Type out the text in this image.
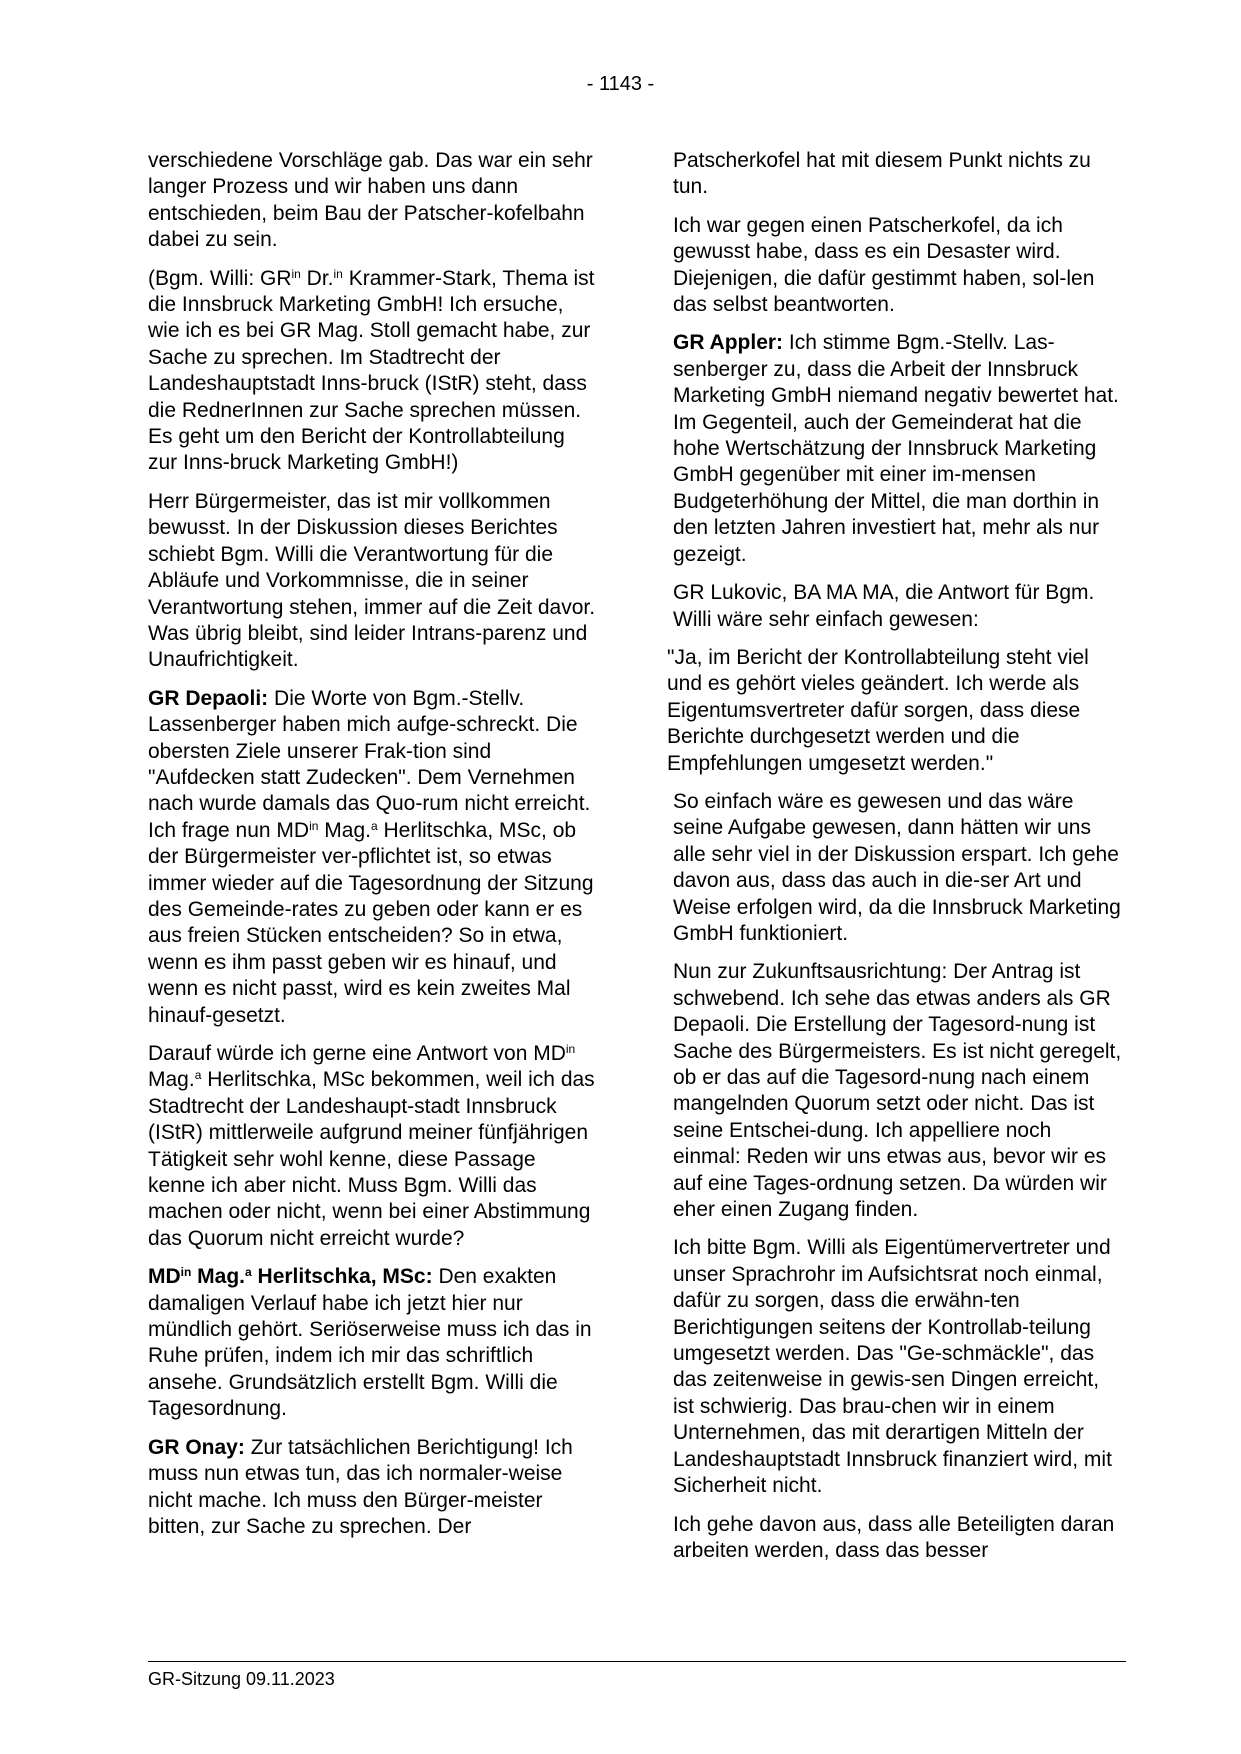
- 1143 -

verschiedene Vorschläge gab. Das war ein sehr langer Prozess und wir haben uns dann entschieden, beim Bau der Patscher-kofelbahn dabei zu sein.

(Bgm. Willi: $GR^{in}$ Dr.$^{in}$ Krammer-Stark, Thema ist die Innsbruck Marketing GmbH! Ich ersuche, wie ich es bei GR Mag. Stoll gemacht habe, zur Sache zu sprechen. Im Stadtrecht der Landeshauptstadt Inns-bruck (IStR) steht, dass die RednerInnen zur Sache sprechen müssen. Es geht um den Bericht der Kontrollabteilung zur Inns-bruck Marketing GmbH!)

Herr Bürgermeister, das ist mir vollkommen bewusst. In der Diskussion dieses Berichtes schiebt Bgm. Willi die Verantwortung für die Abläufe und Vorkommnisse, die in seiner Verantwortung stehen, immer auf die Zeit davor. Was übrig bleibt, sind leider Intrans-parenz und Unaufrichtigkeit.

GR Depaoli: Die Worte von Bgm.-Stellv. Lassenberger haben mich aufge-schreckt. Die obersten Ziele unserer Frak-tion sind "Aufdecken statt Zudecken". Dem Vernehmen nach wurde damals das Quo-rum nicht erreicht. Ich frage nun $MD^{in}$ Mag.$^a$ Herlitschka, MSc, ob der Bürgermeister ver-pflichtet ist, so etwas immer wieder auf die Tagesordnung der Sitzung des Gemeinde-rates zu geben oder kann er es aus freien Stücken entscheiden? So in etwa, wenn es ihm passt geben wir es hinauf, und wenn es nicht passt, wird es kein zweites Mal hinauf-gesetzt.

Darauf würde ich gerne eine Antwort von $MD^{in}$ Mag.$^a$ Herlitschka, MSc bekommen, weil ich das Stadtrecht der Landeshaupt-stadt Innsbruck (IStR) mittlerweile aufgrund meiner fünfjährigen Tätigkeit sehr wohl kenne, diese Passage kenne ich aber nicht. Muss Bgm. Willi das machen oder nicht, wenn bei einer Abstimmung das Quorum nicht erreicht wurde?

$MD^{in}$ Mag.$^a$ Herlitschka, MSc: Den exakten damaligen Verlauf habe ich jetzt hier nur mündlich gehört. Seriöserweise muss ich das in Ruhe prüfen, indem ich mir das schriftlich ansehe. Grundsätzlich erstellt Bgm. Willi die Tagesordnung.

GR Onay: Zur tatsächlichen Berichtigung! Ich muss nun etwas tun, das ich normaler-weise nicht mache. Ich muss den Bürger-meister bitten, zur Sache zu sprechen. Der

Patscherkofel hat mit diesem Punkt nichts zu tun.

Ich war gegen einen Patscherkofel, da ich gewusst habe, dass es ein Desaster wird. Diejenigen, die dafür gestimmt haben, sol-len das selbst beantworten.

GR Appler: Ich stimme Bgm.-Stellv. Las-senberger zu, dass die Arbeit der Innsbruck Marketing GmbH niemand negativ bewertet hat. Im Gegenteil, auch der Gemeinderat hat die hohe Wertschätzung der Innsbruck Marketing GmbH gegenüber mit einer im-mensen Budgeterhöhung der Mittel, die man dorthin in den letzten Jahren investiert hat, mehr als nur gezeigt.

GR Lukovic, BA MA MA, die Antwort für Bgm. Willi wäre sehr einfach gewesen:

"Ja, im Bericht der Kontrollabteilung steht viel und es gehört vieles geändert. Ich werde als Eigentumsvertreter dafür sorgen, dass diese Berichte durchgesetzt werden und die Empfehlungen umgesetzt werden."

So einfach wäre es gewesen und das wäre seine Aufgabe gewesen, dann hätten wir uns alle sehr viel in der Diskussion erspart. Ich gehe davon aus, dass das auch in die-ser Art und Weise erfolgen wird, da die Innsbruck Marketing GmbH funktioniert.

Nun zur Zukunftsausrichtung: Der Antrag ist schwebend. Ich sehe das etwas anders als GR Depaoli. Die Erstellung der Tagesord-nung ist Sache des Bürgermeisters. Es ist nicht geregelt, ob er das auf die Tagesord-nung nach einem mangelnden Quorum setzt oder nicht. Das ist seine Entschei-dung. Ich appelliere noch einmal: Reden wir uns etwas aus, bevor wir es auf eine Tages-ordnung setzen. Da würden wir eher einen Zugang finden.

Ich bitte Bgm. Willi als Eigentümervertreter und unser Sprachrohr im Aufsichtsrat noch einmal, dafür zu sorgen, dass die erwähn-ten Berichtigungen seitens der Kontrollab-teilung umgesetzt werden. Das "Ge-schmäckle", das das zeitenweise in gewis-sen Dingen erreicht, ist schwierig. Das brau-chen wir in einem Unternehmen, das mit derartigen Mitteln der Landeshauptstadt Innsbruck finanziert wird, mit Sicherheit nicht.

Ich gehe davon aus, dass alle Beteiligten daran arbeiten werden, dass das besser

GR-Sitzung 09.11.2023
